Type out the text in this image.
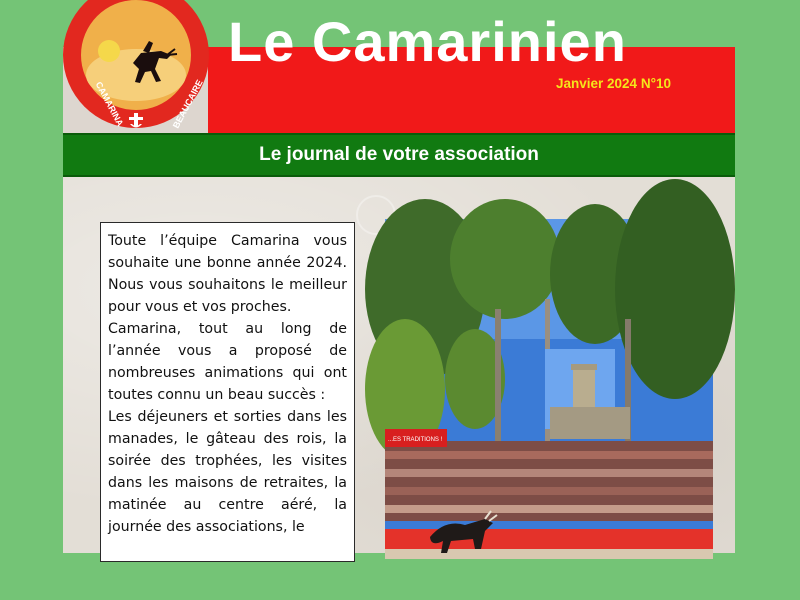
Le Camarinien
Janvier 2024 N°10
CAMARINA	BEAUCAIRE
Le journal de votre association

Toute l’équipe Camarina vous souhaite une bonne année 2024. Nous vous souhaitons le meilleur pour vous et vos proches.

Camarina, tout au long de l’année vous a proposé de nombreuses animations qui ont toutes connu un beau succès :

Les déjeuners et sorties dans les manades, le gâteau des rois, la soirée des trophées, les visites dans les maisons de retraites, la matinée au centre aéré, la journée des associations, le

...ES TRADITIONS !
